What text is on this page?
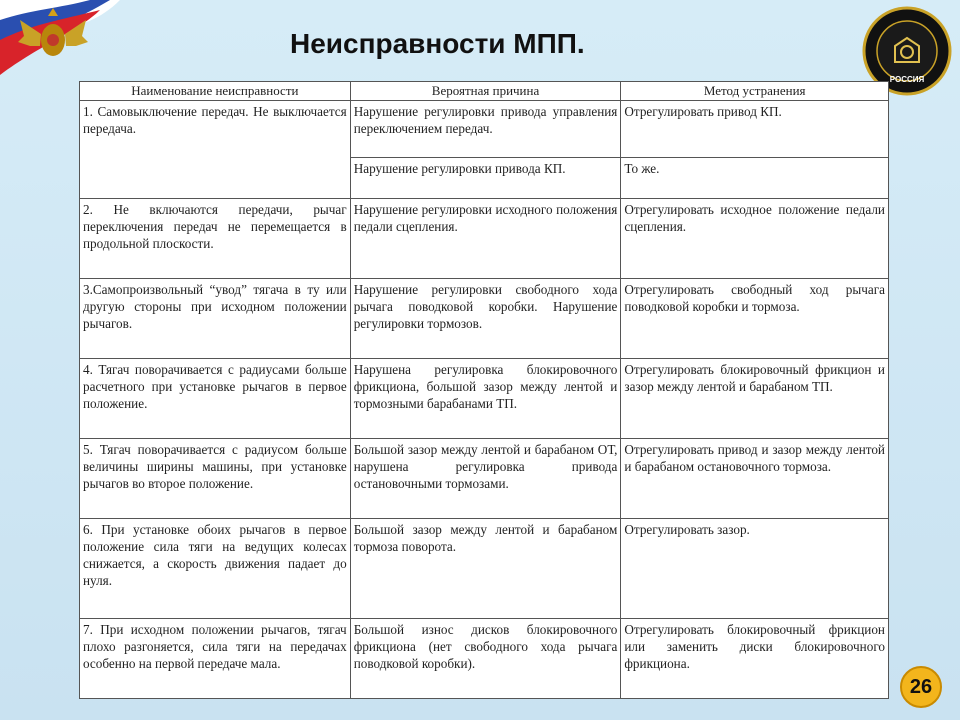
Неисправности МПП.
РОССИЯ
Наименование неисправности	Вероятная причина	Метод устранения
1. Самовыключение передач. Не выключается передача.	Нарушение регулировки привода управления переключением передач.	Отрегулировать привод КП.
	Нарушение регулировки привода КП.	То же.
2. Не включаются передачи, рычаг переключения передач не перемещается в продольной плоскости.	Нарушение регулировки исходного положения педали сцепления.	Отрегулировать исходное положение педали сцепления.
3.Самопроизвольный “увод” тягача в ту или другую стороны при исходном положении рычагов.	Нарушение регулировки свободного хода рычага поводковой коробки. Нарушение регулировки тормозов.	Отрегулировать свободный ход рычага поводковой коробки и тормоза.
4. Тягач поворачивается с радиусами больше расчетного при установке рычагов в первое положение.	Нарушена регулировка блокировочного фрикциона, большой зазор между лентой и тормозными барабанами ТП.	Отрегулировать блокировочный фрикцион и зазор между лентой и барабаном ТП.
5. Тягач поворачивается с радиусом больше величины ширины машины, при установке рычагов во второе положение.	Большой зазор между лентой и барабаном ОТ, нарушена регулировка привода остановочными тормозами.	Отрегулировать привод и зазор между лентой и барабаном остановочного тормоза.
6. При установке обоих рычагов в первое положение сила тяги на ведущих колесах снижается, а скорость движения падает до нуля.	Большой зазор между лентой и барабаном тормоза поворота.	Отрегулировать зазор.
7. При исходном положении рычагов, тягач плохо разгоняется, сила тяги на передачах особенно на первой передаче мала.	Большой износ дисков блокировочного фрикциона (нет свободного хода рычага поводковой коробки).	Отрегулировать блокировочный фрикцион или заменить диски блокировочного фрикциона.
26
